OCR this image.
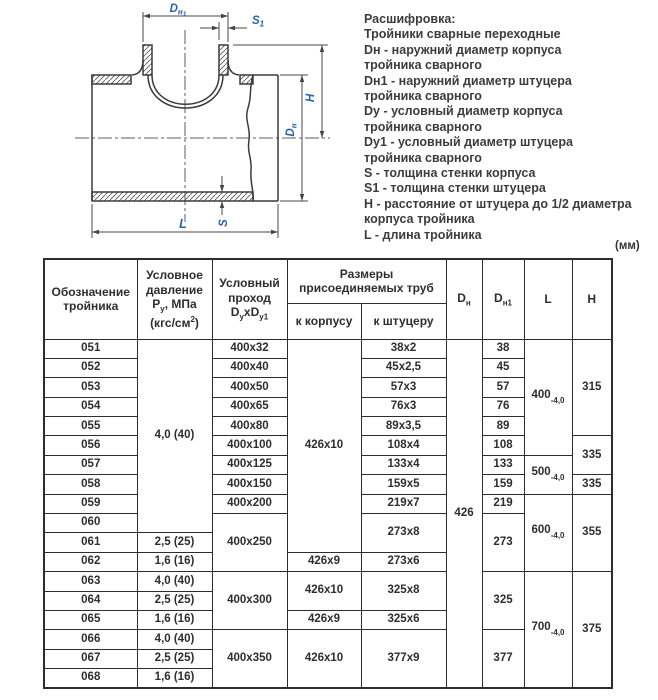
$D_н1$
$S_1$
H
$D_н$
S
L
Расшифровка:
Тройники сварные переходные
Dн - наружний диаметр корпуса
тройника сварного
Dн1 - наружний диаметр штуцера
тройника сварного
Dy - условный диаметр корпуса
тройника сварного
Dy1 - условный диаметр штуцера
тройника сварного
S - толщина стенки корпуса
S1 - толщина стенки штуцера
H - расстояние от штуцера до 1/2 диаметра
корпуса тройника
L - длина тройника
(мм)
Обозначение тройника	
Условное
давление
$P_у$, МПа
$(кгс/см^2)$

Условный
проход
$D_уxD_{у1}$

Размеры
присоединяемых труб
	$D_н$	$D_{н1}$	L	H
			к корпусу	к штуцеру				
051	4,0 (40)	400x32	426x10	38x2	426	38	$400_{-4,0}$	315
052		400x40		45x2,5		45		
053		400x50		57x3		57		
054		400x65		76x3		76		
055		400x80		89x3,5		89		
056		400x100		108x4		108		335
057		400x125		133x4		133	$500_{-4,0}$
058		400x150		159x5		159		335
059		400x200		219x7		219	$600_{-4,0}$	355
060		400x250		273x8		273		
061	2,5 (25)							
062	1,6 (16)		426x9	273x6				
063	4,0 (40)	400x300	426x10	325x8		325	$700_{-4,0}$	375
064	2,5 (25)							
065	1,6 (16)		426x9	325x6				
066	4,0 (40)	400x350	426x10	377x9		377		
067	2,5 (25)							
068	1,6 (16)							
